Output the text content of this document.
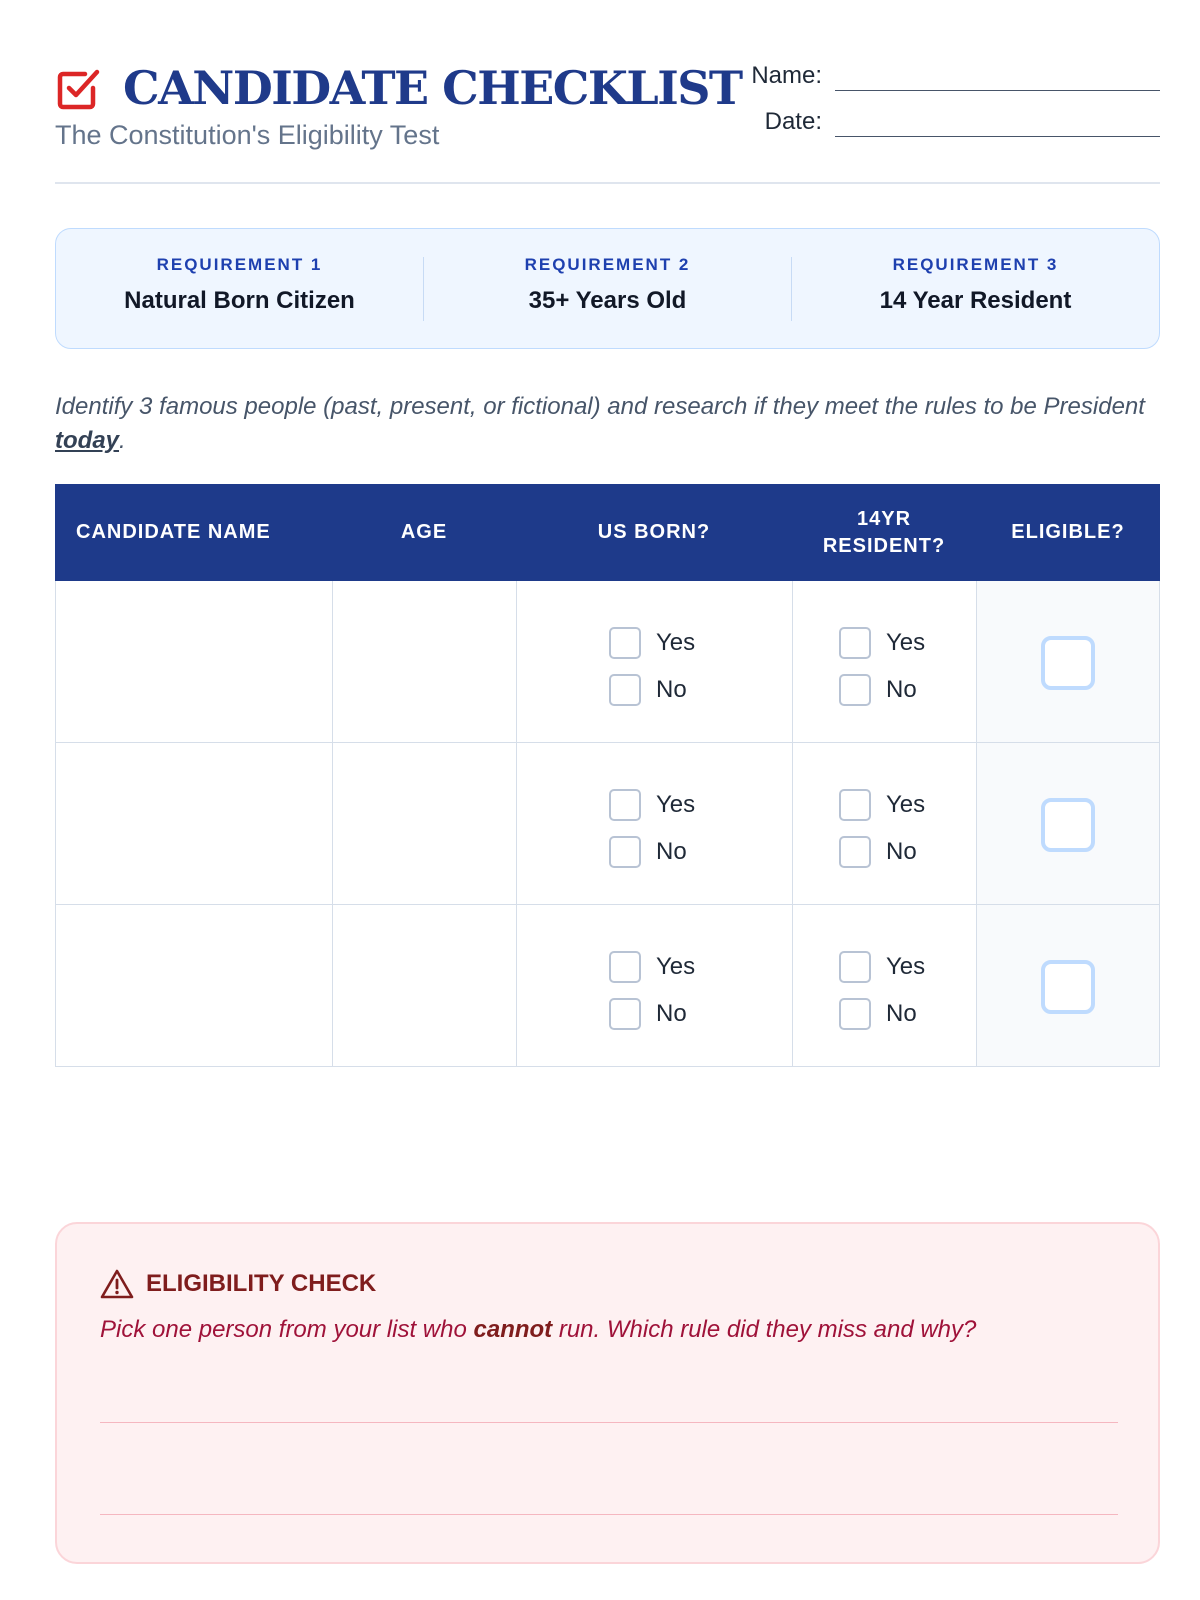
CANDIDATE CHECKLIST
The Constitution's Eligibility Test
Name:
Date:
REQUIREMENT 1
Natural Born Citizen
REQUIREMENT 2
35+ Years Old
REQUIREMENT 3
14 Year Resident

Identify 3 famous people (past, present, or fictional) and research if they meet the rules to be President today.

CANDIDATE NAME	AGE	US BORN?
14YR RESIDENT?
ELIGIBLE?
Yes
No
Yes
No
Yes
No
Yes
No
Yes
No
Yes
No
ELIGIBILITY CHECK

Pick one person from your list who cannot run. Which rule did they miss and why?
